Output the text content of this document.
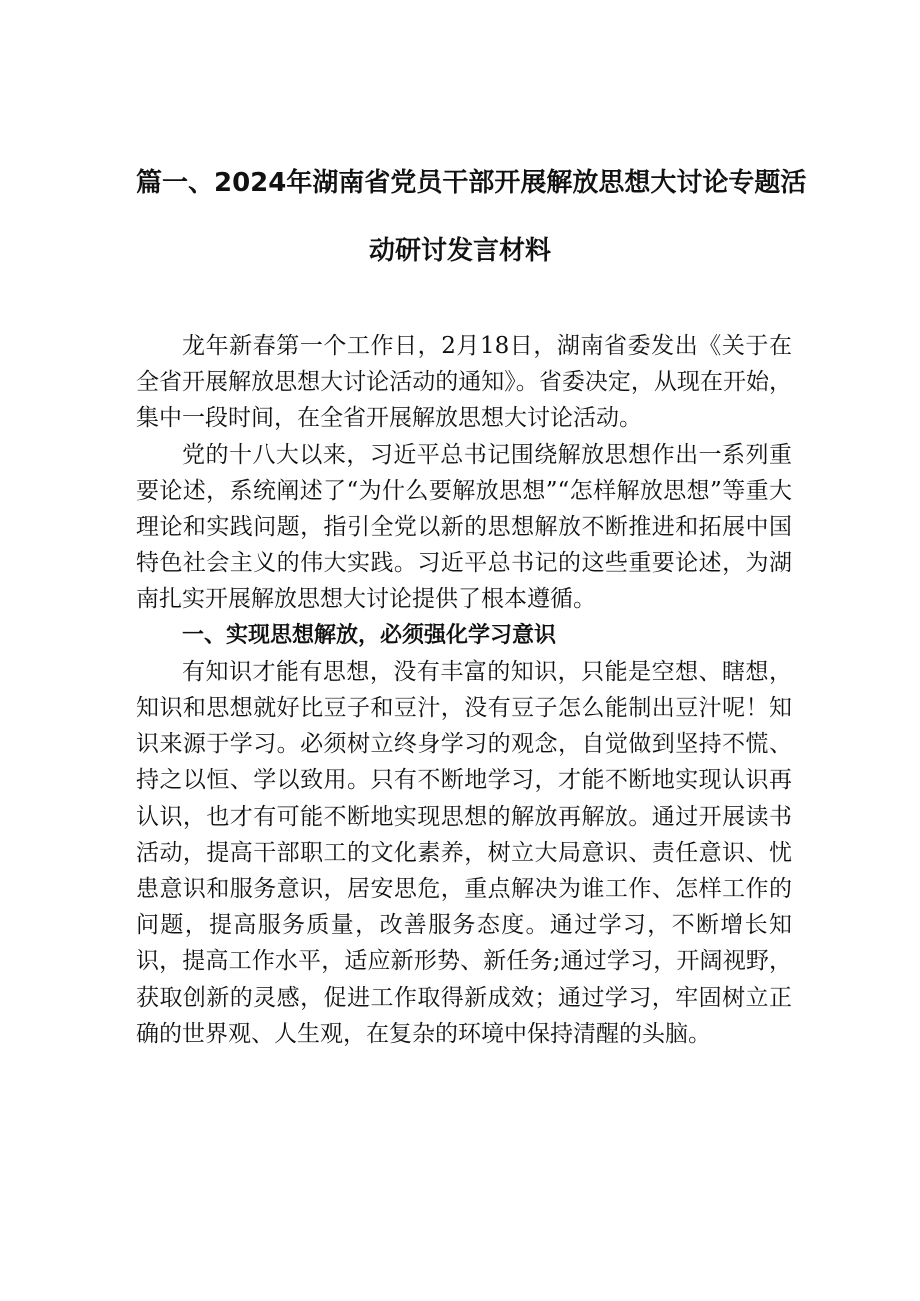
篇一、2024年湖南省党员干部开展解放思想大讨论专题活
动研讨发言材料

龙年新春第一个工作日，2月18日，湖南省委发出《关于在全省开展解放思想大讨论活动的通知》。省委决定，从现在开始，集中一段时间，在全省开展解放思想大讨论活动。

党的十八大以来，习近平总书记围绕解放思想作出一系列重要论述，系统阐述了“为什么要解放思想”“怎样解放思想”等重大理论和实践问题，指引全党以新的思想解放不断推进和拓展中国特色社会主义的伟大实践。习近平总书记的这些重要论述，为湖南扎实开展解放思想大讨论提供了根本遵循。

一、实现思想解放，必须强化学习意识

有知识才能有思想，没有丰富的知识，只能是空想、瞎想，知识和思想就好比豆子和豆汁，没有豆子怎么能制出豆汁呢！知识来源于学习。必须树立终身学习的观念，自觉做到坚持不慌、持之以恒、学以致用。只有不断地学习，才能不断地实现认识再认识，也才有可能不断地实现思想的解放再解放。通过开展读书活动，提高干部职工的文化素养，树立大局意识、责任意识、忧患意识和服务意识，居安思危，重点解决为谁工作、怎样工作的问题，提高服务质量，改善服务态度。通过学习，不断增长知识，提高工作水平，适应新形势、新任务;通过学习，开阔视野，获取创新的灵感，促进工作取得新成效；通过学习，牢固树立正确的世界观、人生观，在复杂的环境中保持清醒的头脑。
